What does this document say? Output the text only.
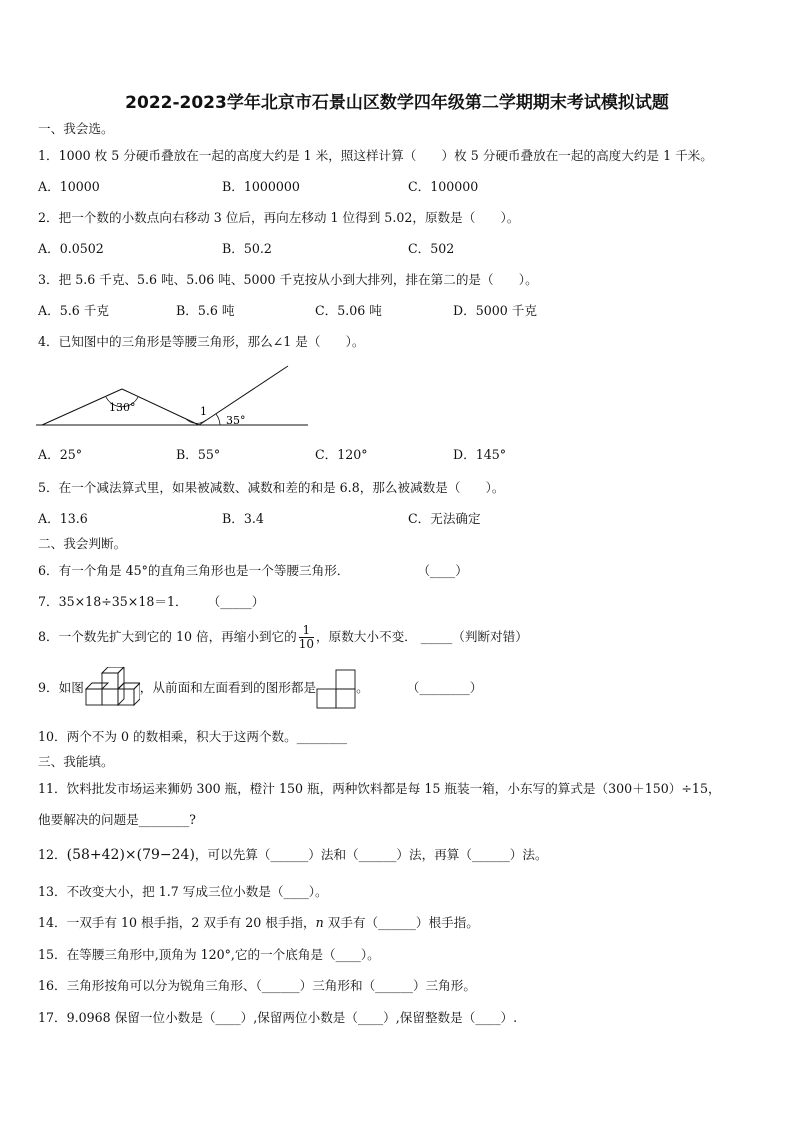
2022-2023学年北京市石景山区数学四年级第二学期期末考试模拟试题
一、我会选。
1．1000 枚 5 分硬币叠放在一起的高度大约是 1 米，照这样计算（　　）枚 5 分硬币叠放在一起的高度大约是 1 千米。
A．10000	B．1000000	C．100000
2．把一个数的小数点向右移动 3 位后，再向左移动 1 位得到 5.02，原数是（　　）。
A．0.0502	B．50.2	C．502
3．把 5.6 千克、5.6 吨、5.06 吨、5000 千克按从小到大排列，排在第二的是（　　）。
A．5.6 千克	B．5.6 吨	C．5.06 吨	D．5000 千克
4．已知图中的三角形是等腰三角形，那么∠1 是（　　）。
130°	1
35°
A．25°	B．55°	C．120°	D．145°
5．在一个减法算式里，如果被减数、减数和差的和是 6.8，那么被减数是（　　）。
A．13.6	B．3.4	C．无法确定
二、我会判断。
6．有一个角是 45°的直角三角形也是一个等腰三角形．	（____）
7．35×18÷35×18＝1． （_____）
8．一个数先扩大到它的 10 倍，再缩小到它的 $\frac{1}{10}$ ，原数大小不变． _____（判断对错）
9．如图	，从前面和左面看到的图形都是	。	（________）
10．两个不为 0 的数相乘，积大于这两个数。________
三、我能填。
11．饮料批发市场运来狮奶 300 瓶，橙汁 150 瓶，两种饮料都是每 15 瓶装一箱，小东写的算式是（300＋150）÷15，
他要解决的问题是________?
12．(58+42)×(79−24)，可以先算（______）法和（______）法，再算（______）法。
13．不改变大小，把 1.7 写成三位小数是（____）。
14．一双手有 10 根手指，2 双手有 20 根手指，n 双手有（______）根手指。
15．在等腰三角形中,顶角为 120°,它的一个底角是（____）。
16．三角形按角可以分为锐角三角形、（______）三角形和（______）三角形。
17．9.0968 保留一位小数是（____）,保留两位小数是（____）,保留整数是（____）.
